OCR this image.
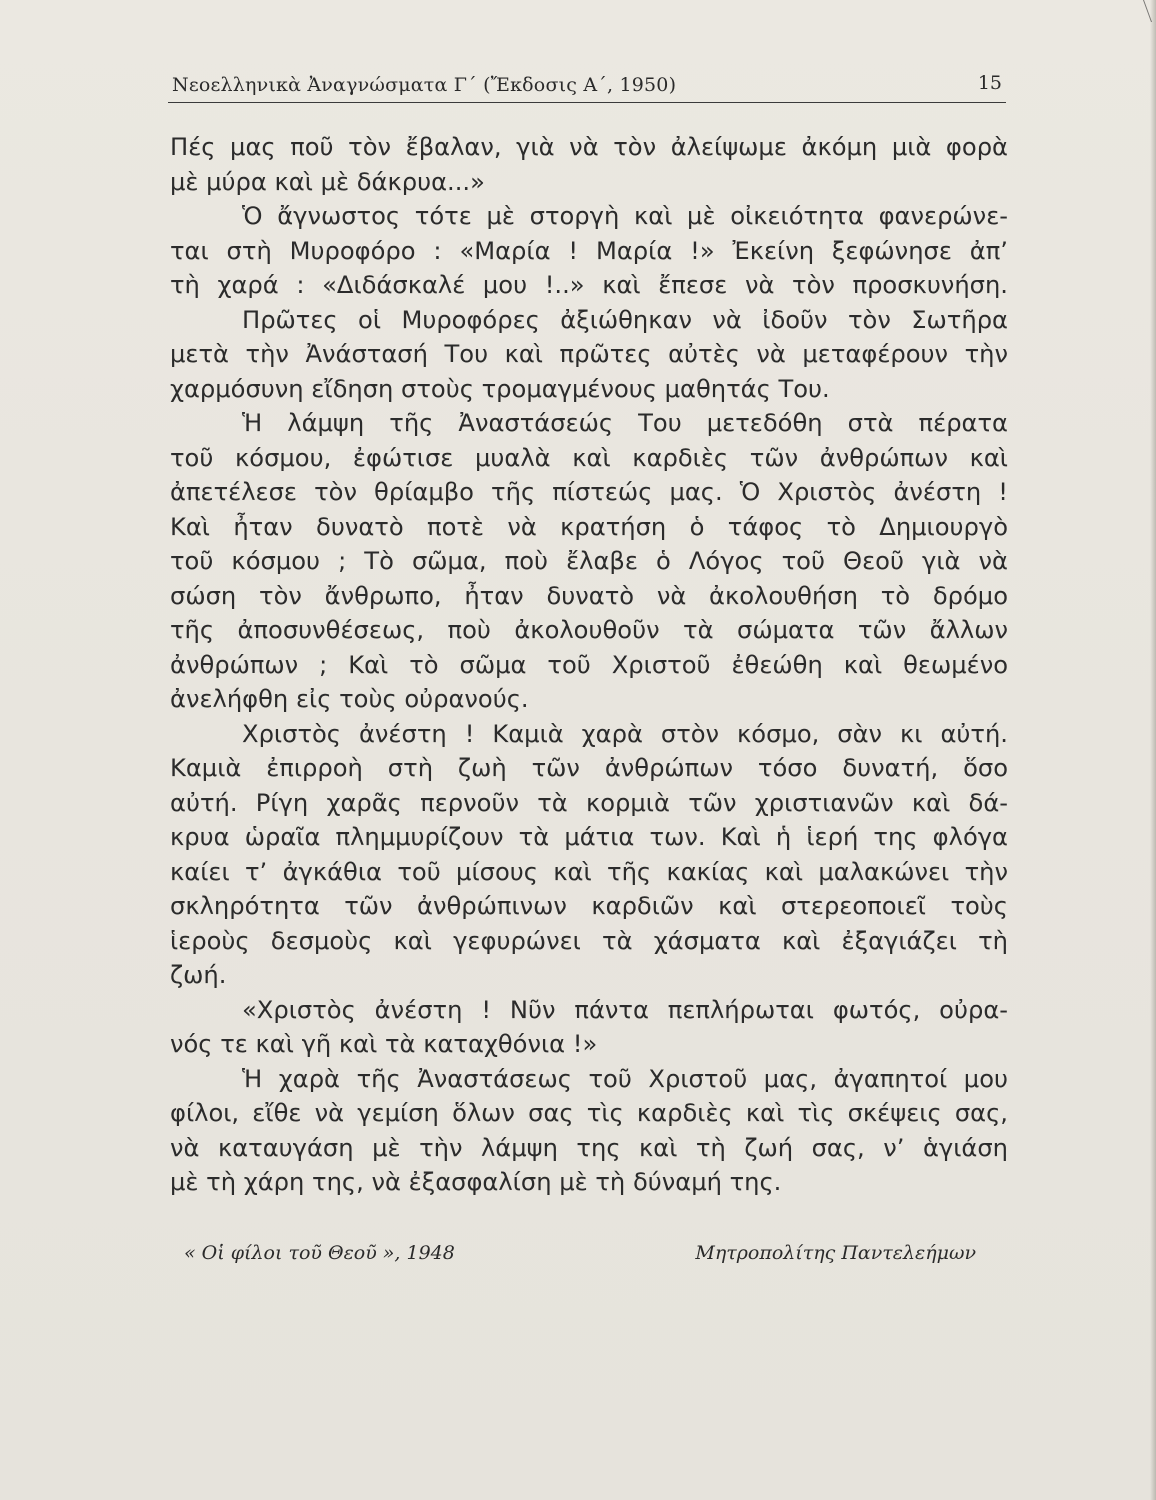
Νεοελληνικὰ Ἀναγνώσματα Γ΄ (Ἔκδοσις Α΄, 1950)	15
Πές μας ποῦ τὸν ἔβαλαν, γιὰ νὰ τὸν ἀλείψωμε ἀκόμη μιὰ φορὰ
μὲ μύρα καὶ μὲ δάκρυα...»
Ὁ ἄγνωστος τότε μὲ στοργὴ καὶ μὲ οἰκειότητα φανερώνε-
ται στὴ Μυροφόρο : «Μαρία ! Μαρία !» Ἐκείνη ξεφώνησε ἀπ’
τὴ χαρά : «Διδάσκαλέ μου !..» καὶ ἔπεσε νὰ τὸν προσκυνήση.
Πρῶτες οἱ Μυροφόρες ἀξιώθηκαν νὰ ἰδοῦν τὸν Σωτῆρα
μετὰ τὴν Ἀνάστασή Του καὶ πρῶτες αὐτὲς νὰ μεταφέρουν τὴν
χαρμόσυνη εἴδηση στοὺς τρομαγμένους μαθητάς Του.
Ἡ λάμψη τῆς Ἀναστάσεώς Του μετεδόθη στὰ πέρατα
τοῦ κόσμου, ἐφώτισε μυαλὰ καὶ καρδιὲς τῶν ἀνθρώπων καὶ
ἀπετέλεσε τὸν θρίαμβο τῆς πίστεώς μας. Ὁ Χριστὸς ἀνέστη !
Καὶ ἦταν δυνατὸ ποτὲ νὰ κρατήση ὁ τάφος τὸ Δημιουργὸ
τοῦ κόσμου ; Τὸ σῶμα, ποὺ ἔλαβε ὁ Λόγος τοῦ Θεοῦ γιὰ νὰ
σώση τὸν ἄνθρωπο, ἦταν δυνατὸ νὰ ἀκολουθήση τὸ δρόμο
τῆς ἀποσυνθέσεως, ποὺ ἀκολουθοῦν τὰ σώματα τῶν ἄλλων
ἀνθρώπων ; Καὶ τὸ σῶμα τοῦ Χριστοῦ ἐθεώθη καὶ θεωμένο
ἀνελήφθη εἰς τοὺς οὐρανούς.
Χριστὸς ἀνέστη ! Καμιὰ χαρὰ στὸν κόσμο, σὰν κι αὐτή.
Καμιὰ ἐπιρροὴ στὴ ζωὴ τῶν ἀνθρώπων τόσο δυνατή, ὅσο
αὐτή. Ρίγη χαρᾶς περνοῦν τὰ κορμιὰ τῶν χριστιανῶν καὶ δά-
κρυα ὡραῖα πλημμυρίζουν τὰ μάτια των. Καὶ ἡ ἱερή της φλόγα
καίει τ’ ἀγκάθια τοῦ μίσους καὶ τῆς κακίας καὶ μαλακώνει τὴν
σκληρότητα τῶν ἀνθρώπινων καρδιῶν καὶ στερεοποιεῖ τοὺς
ἱεροὺς δεσμοὺς καὶ γεφυρώνει τὰ χάσματα καὶ ἐξαγιάζει τὴ
ζωή.
«Χριστὸς ἀνέστη ! Νῦν πάντα πεπλήρωται φωτός, οὐρα-
νός τε καὶ γῆ καὶ τὰ καταχθόνια !»
Ἡ χαρὰ τῆς Ἀναστάσεως τοῦ Χριστοῦ μας, ἀγαπητοί μου
φίλοι, εἴθε νὰ γεμίση ὅλων σας τὶς καρδιὲς καὶ τὶς σκέψεις σας,
νὰ καταυγάση μὲ τὴν λάμψη της καὶ τὴ ζωή σας, ν’ ἁγιάση
μὲ τὴ χάρη της, νὰ ἐξασφαλίση μὲ τὴ δύναμή της.
« Οἱ φίλοι τοῦ Θεοῦ », 1948	Μητροπολίτης Παντελεήμων
